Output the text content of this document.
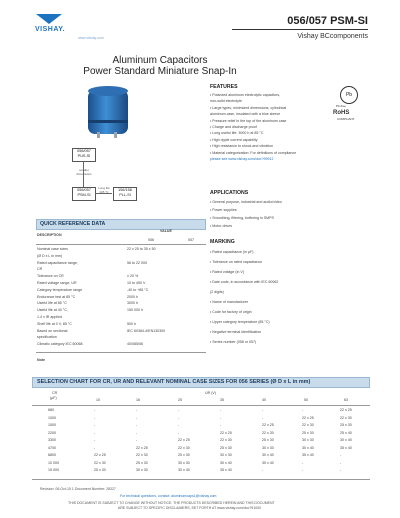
VISHAY.
www.vishay.com
056/057 PSM-SI
Vishay BCcomponents
Aluminum Capacitors
Power Standard Miniature Snap-In
056/057
PUS-SI
smaller
dimensions
056/057
PSM-SI
Long life
105 °C	156/158
PLL-SI
Pb
Pb-free
RoHS
COMPLIANT
FEATURES
• Polarized aluminum electrolytic capacitors,
non-solid electrolyte
• Large types, minimized dimensions, cylindrical
aluminum case, insulated with a blue sleeve
• Pressure relief in the top of the aluminum case
• Charge and discharge proof
• Long useful life: 3000 h at 85 °C
• High ripple current capability
• High resistance to shock and vibration
• Material categorization: For definitions of compliance
please see www.vishay.com/doc?99912
APPLICATIONS
• General purpose, industrial and audio/video
• Power supplies
• Smoothing, filtering, buffering in SMPS
• Motor drives
MARKING
• Rated capacitance (in µF)
• Tolerance on rated capacitance
• Rated voltage (in V)
• Date code, in accordance with IEC 60062
(2 digits)
• Name of manufacturer
• Code for factory of origin
• Upper category temperature (85 °C)
• Negative terminal identification
• Series number (056 or 057)
QUICK REFERENCE DATA
DESCRIPTION
VALUE
056	057
Nominal case sizes	22 x 25 to 35 x 50
(Ø D x L in mm)
Rated capacitance range,	56 to 22 000
CR
Tolerance on CR	± 20 %
Rated voltage range, UR	10 to 450 V
Category temperature range	-40 to +85 °C
Endurance test at 85 °C	2000 h
Useful life at 85 °C	3000 h
Useful life at 40 °C,	150 000 h
1.4 x IR applied
Shelf life at 0 V, 85 °C	500 h
Based on sectional	IEC 60384-4/EN130300
specification
Climatic category IEC 60068	40/085/56
Note
SELECTION CHART FOR CR, UR AND RELEVANT NOMINAL CASE SIZES FOR 056 SERIES (Ø D x L in mm)
CR
(µF)
UR (V)
10	16	25	35	40	50	63
680	-	-	-	-	-	-	22 x 25
1000	-	-	-	-	-	22 x 25	22 x 30
1500	-	-	-	-	22 x 25	22 x 30	25 x 30
2200	-	-	-	22 x 25	22 x 30	25 x 30	25 x 40
3300	-	-	22 x 25	22 x 30	25 x 30	30 x 30	30 x 40
4700	-	22 x 25	22 x 30	25 x 30	30 x 30	30 x 40	35 x 40
6800	22 x 25	22 x 30	25 x 30	30 x 30	30 x 40	35 x 40	-
10 000	22 x 30	25 x 30	30 x 30	30 x 40	35 x 40	-	-
15 000	25 x 30	30 x 30	30 x 40	35 x 40	-	-	-
Revision: 06-Oct-15 1 Document Number: 28327
For technical questions, contact: aluminumcaps1@vishay.com
THIS DOCUMENT IS SUBJECT TO CHANGE WITHOUT NOTICE. THE PRODUCTS DESCRIBED HEREIN AND THIS DOCUMENT
ARE SUBJECT TO SPECIFIC DISCLAIMERS, SET FORTH AT www.vishay.com/doc?91000
